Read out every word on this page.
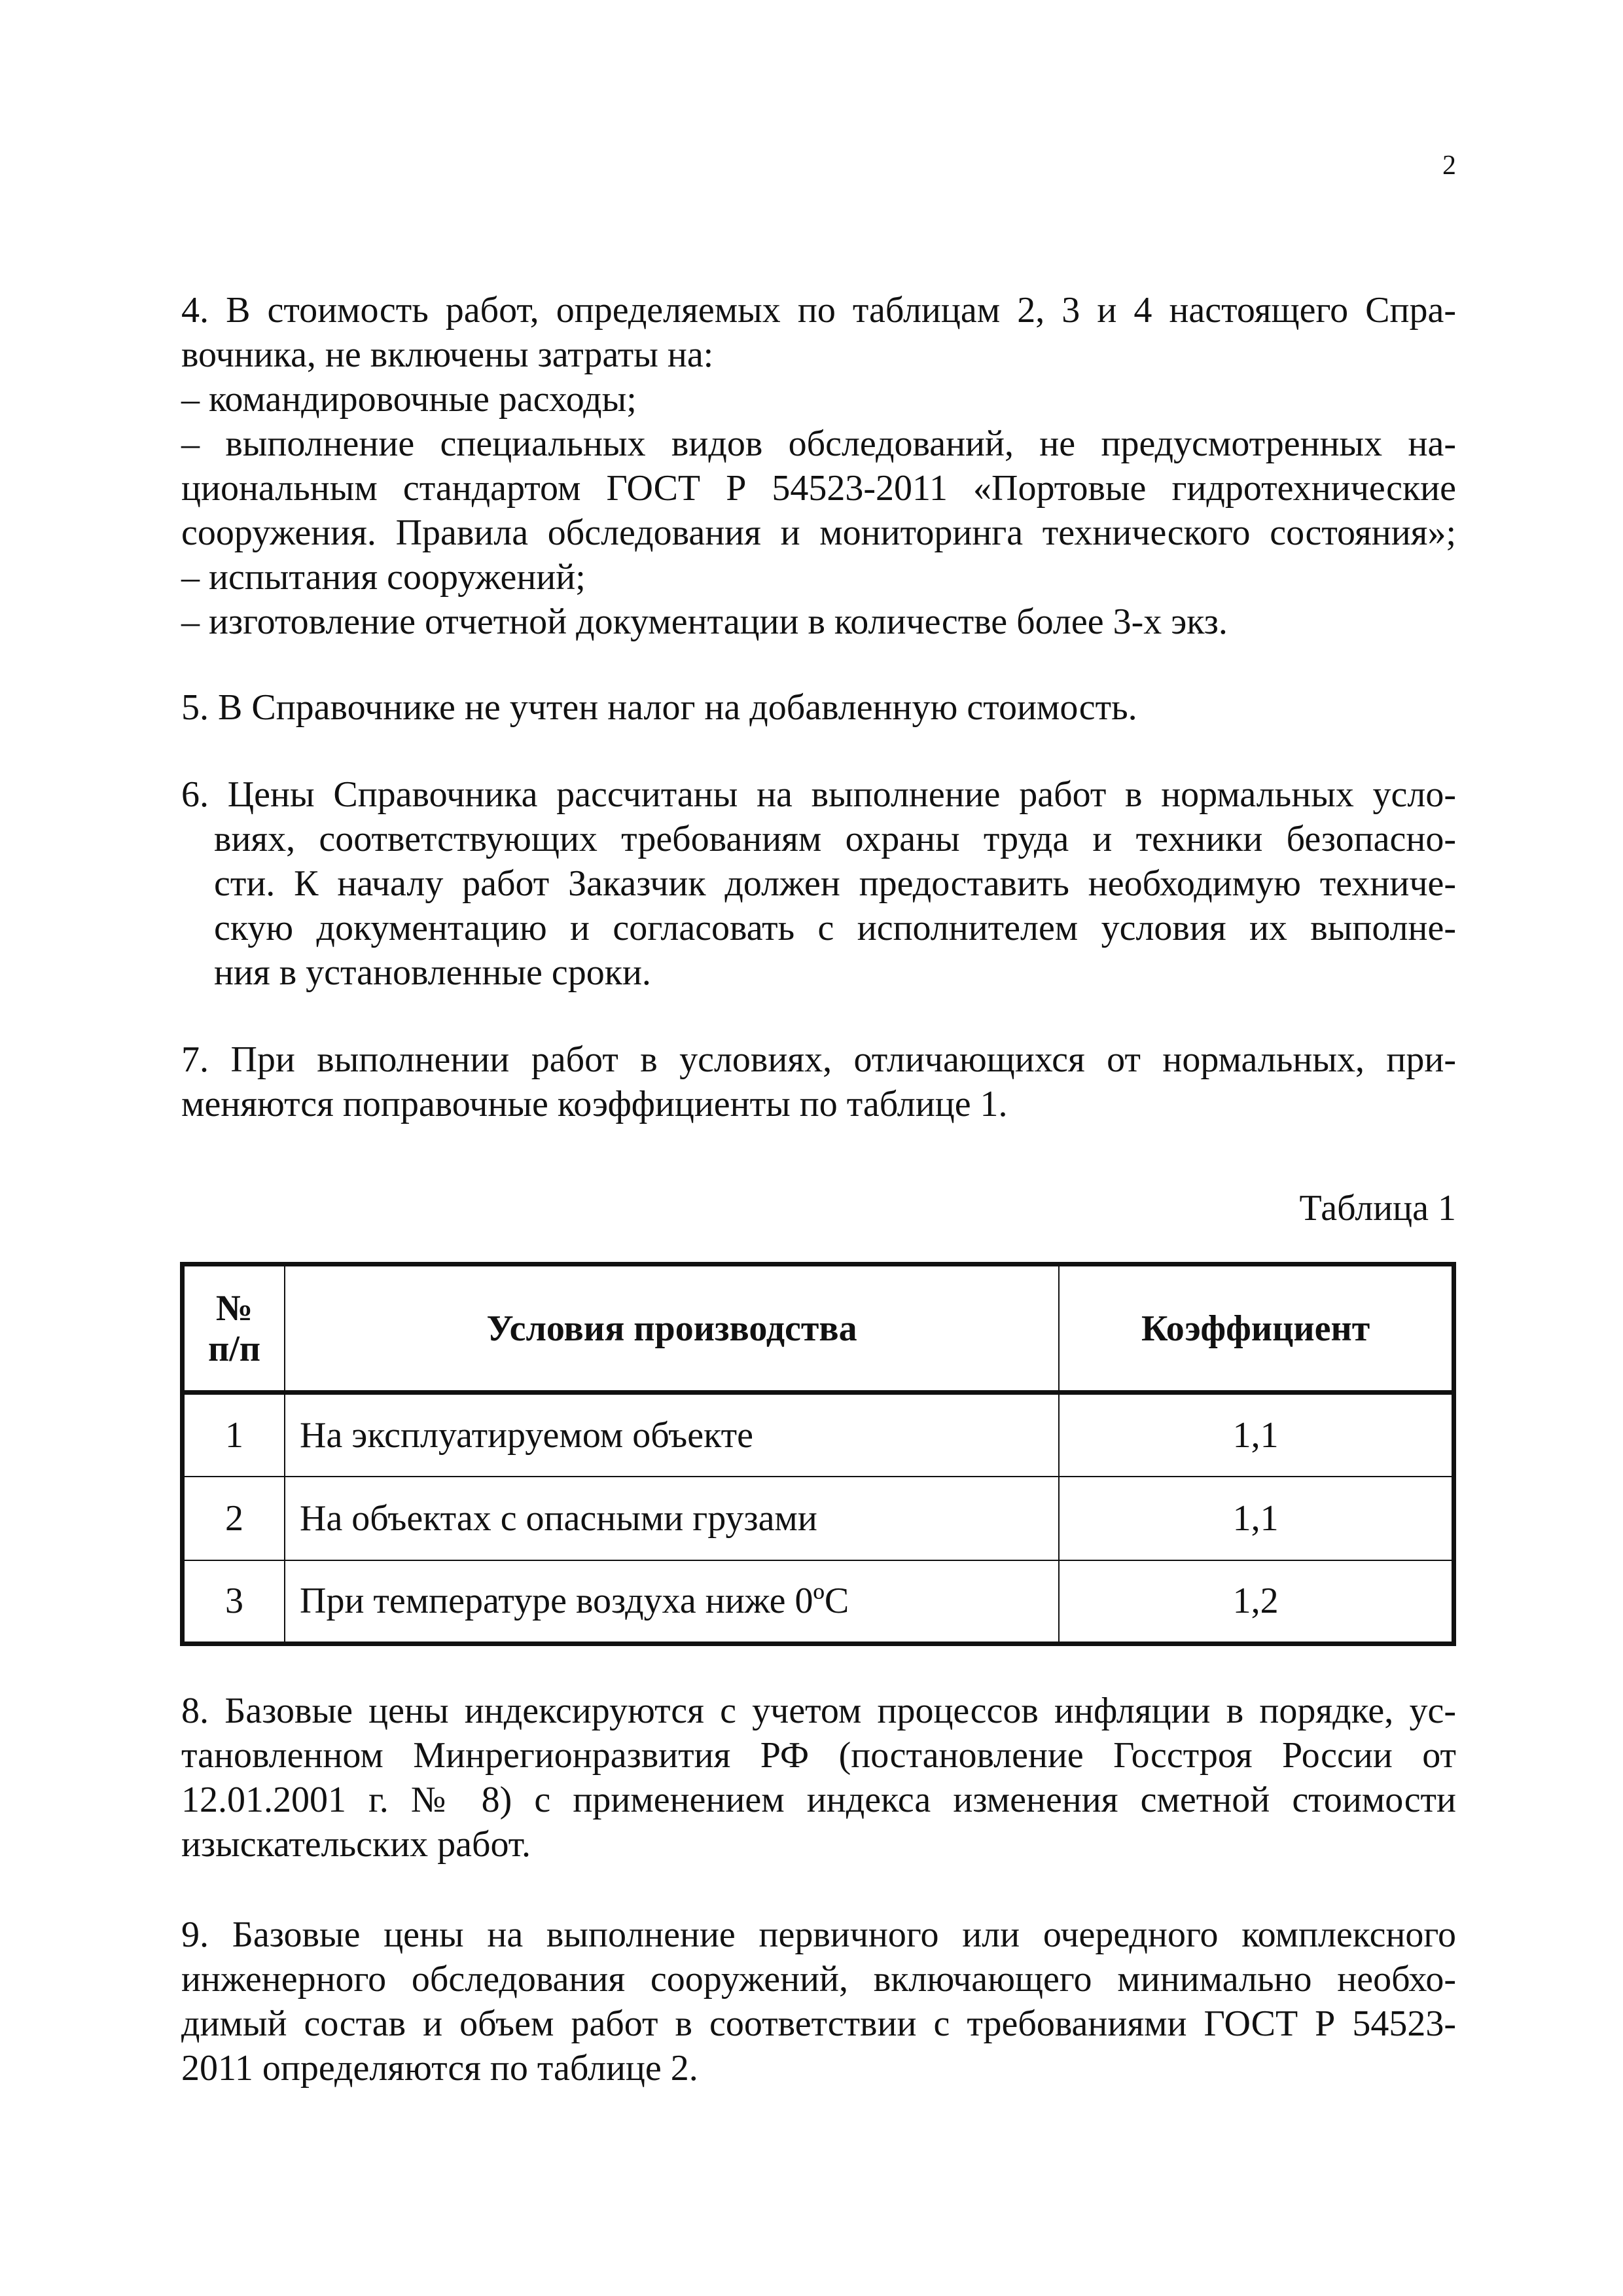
2
4. В стоимость работ, определяемых по таблицам 2, 3 и 4 настоящего Спра-
вочника, не включены затраты на:
– командировочные расходы;
– выполнение специальных видов обследований, не предусмотренных на-
циональным стандартом ГОСТ Р 54523-2011 «Портовые гидротехнические
сооружения. Правила обследования и мониторинга технического состояния»;
– испытания сооружений;
– изготовление отчетной документации в количестве более 3-х экз.
5. В Справочнике не учтен налог на добавленную стоимость.
6. Цены Справочника рассчитаны на выполнение работ в нормальных усло-
виях, соответствующих требованиям охраны труда и техники безопасно-
сти. К началу работ Заказчик должен предоставить необходимую техниче-
скую документацию и согласовать с исполнителем условия их выполне-
ния в установленные сроки.
7. При выполнении работ в условиях, отличающихся от нормальных, при-
меняются поправочные коэффициенты по таблице 1.
Таблица 1
№
п/п	Условия производства	Коэффициент
1	На эксплуатируемом объекте	1,1
2	На объектах с опасными грузами	1,1
3	При температуре воздуха ниже 0ºС	1,2
8. Базовые цены индексируются с учетом процессов инфляции в порядке, ус-
тановленном Минрегионразвития РФ (постановление Госстроя России от
12.01.2001 г. № 8) с применением индекса изменения сметной стоимости
изыскательских работ.
9. Базовые цены на выполнение первичного или очередного комплексного
инженерного обследования сооружений, включающего минимально необхо-
димый состав и объем работ в соответствии с требованиями ГОСТ Р 54523-
2011 определяются по таблице 2.
